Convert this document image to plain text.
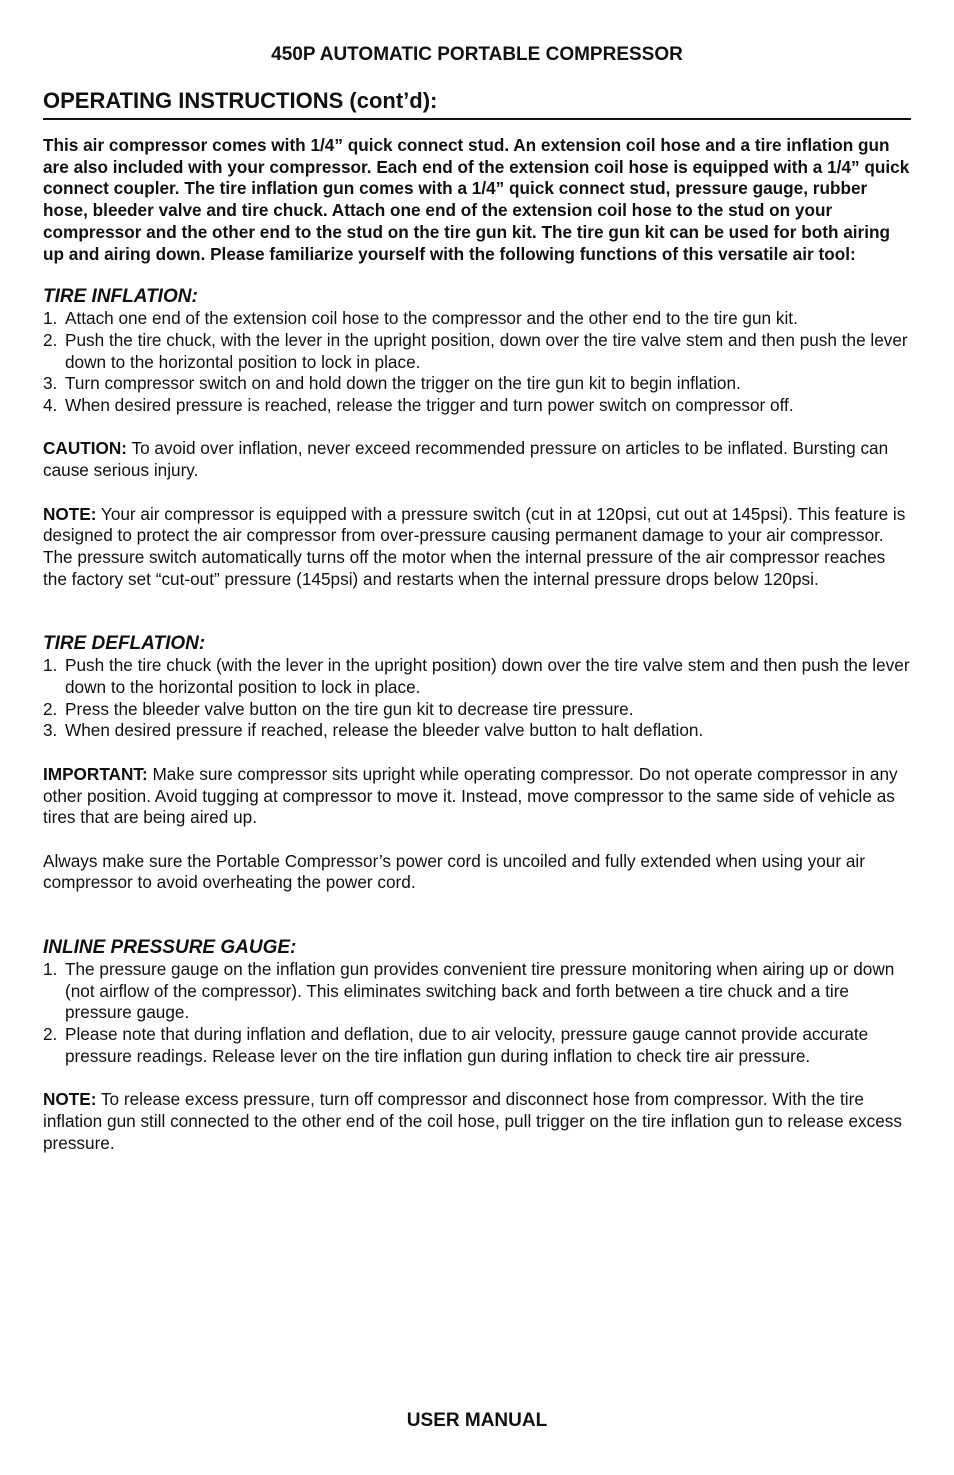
450P AUTOMATIC PORTABLE COMPRESSOR
OPERATING INSTRUCTIONS (cont’d):

This air compressor comes with 1/4” quick connect stud. An extension coil hose and a tire inflation gun are also included with your compressor. Each end of the extension coil hose is equipped with a 1/4” quick connect coupler. The tire inflation gun comes with a 1/4” quick connect stud, pressure gauge, rubber hose, bleeder valve and tire chuck. Attach one end of the extension coil hose to the stud on your compressor and the other end to the stud on the tire gun kit. The tire gun kit can be used for both airing up and airing down. Please familiarize yourself with the following functions of this versatile air tool:

TIRE INFLATION:
1. Attach one end of the extension coil hose to the compressor and the other end to the tire gun kit.
2. Push the tire chuck, with the lever in the upright position, down over the tire valve stem and then push the lever down to the horizontal position to lock in place.
3. Turn compressor switch on and hold down the trigger on the tire gun kit to begin inflation.
4. When desired pressure is reached, release the trigger and turn power switch on compressor off.

CAUTION: To avoid over inflation, never exceed recommended pressure on articles to be inflated. Bursting can cause serious injury.

NOTE: Your air compressor is equipped with a pressure switch (cut in at 120psi, cut out at 145psi). This feature is designed to protect the air compressor from over-pressure causing permanent damage to your air compressor. The pressure switch automatically turns off the motor when the internal pressure of the air compressor reaches the factory set “cut-out” pressure (145psi) and restarts when the internal pressure drops below 120psi.

TIRE DEFLATION:
1. Push the tire chuck (with the lever in the upright position) down over the tire valve stem and then push the lever down to the horizontal position to lock in place.
2. Press the bleeder valve button on the tire gun kit to decrease tire pressure.
3. When desired pressure if reached, release the bleeder valve button to halt deflation.

IMPORTANT: Make sure compressor sits upright while operating compressor. Do not operate compressor in any other position. Avoid tugging at compressor to move it. Instead, move compressor to the same side of vehicle as tires that are being aired up.

Always make sure the Portable Compressor’s power cord is uncoiled and fully extended when using your air compressor to avoid overheating the power cord.

INLINE PRESSURE GAUGE:
1. The pressure gauge on the inflation gun provides convenient tire pressure monitoring when airing up or down (not airflow of the compressor). This eliminates switching back and forth between a tire chuck and a tire pressure gauge.
2. Please note that during inflation and deflation, due to air velocity, pressure gauge cannot provide accurate pressure readings. Release lever on the tire inflation gun during inflation to check tire air pressure.

NOTE: To release excess pressure, turn off compressor and disconnect hose from compressor. With the tire inflation gun still connected to the other end of the coil hose, pull trigger on the tire inflation gun to release excess pressure.

USER MANUAL
